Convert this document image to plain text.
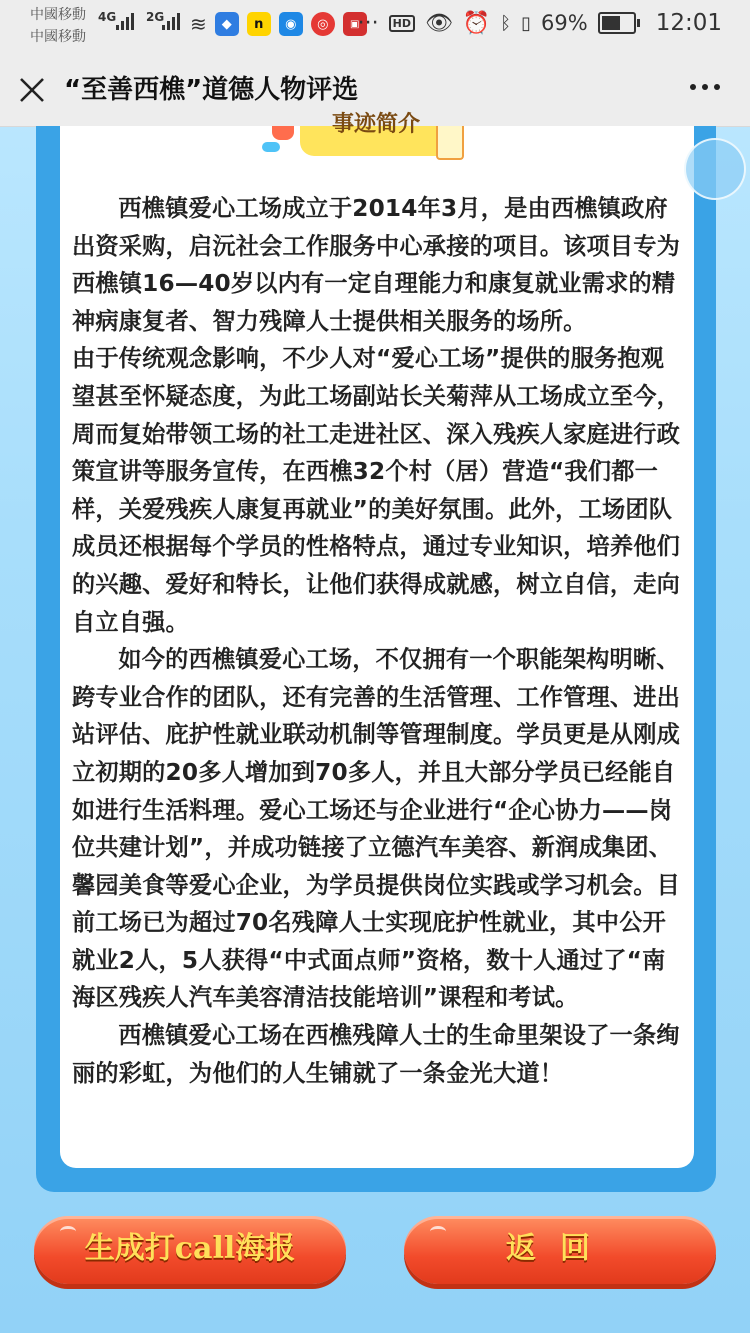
中國移動
中國移動
4G 2G ≋	◆	n	◉	◎	▣
···	HD 👁 ⏰ ᛒ ▯ 69%	12:01
“至善西樵”道德人物评选
事迹简介

西樵镇爱心工场成立于2014年3月，是由西樵镇政府出资采购，启沅社会工作服务中心承接的项目。该项目专为西樵镇16—40岁以内有一定自理能力和康复就业需求的精神病康复者、智力残障人士提供相关服务的场所。

由于传统观念影响，不少人对“爱心工场”提供的服务抱观望甚至怀疑态度，为此工场副站长关菊萍从工场成立至今，周而复始带领工场的社工走进社区、深入残疾人家庭进行政策宣讲等服务宣传，在西樵32个村（居）营造“我们都一样，关爱残疾人康复再就业”的美好氛围。此外，工场团队成员还根据每个学员的性格特点，通过专业知识，培养他们的兴趣、爱好和特长，让他们获得成就感，树立自信，走向自立自强。

如今的西樵镇爱心工场，不仅拥有一个职能架构明晰、跨专业合作的团队，还有完善的生活管理、工作管理、进出站评估、庇护性就业联动机制等管理制度。学员更是从刚成立初期的20多人增加到70多人，并且大部分学员已经能自如进行生活料理。爱心工场还与企业进行“企心协力——岗位共建计划”，并成功链接了立德汽车美容、新润成集团、馨园美食等爱心企业，为学员提供岗位实践或学习机会。目前工场已为超过70名残障人士实现庇护性就业，其中公开就业2人，5人获得“中式面点师”资格，数十人通过了“南海区残疾人汽车美容清洁技能培训”课程和考试。

西樵镇爱心工场在西樵残障人士的生命里架设了一条绚丽的彩虹，为他们的人生铺就了一条金光大道！

生成打call海报	返回
